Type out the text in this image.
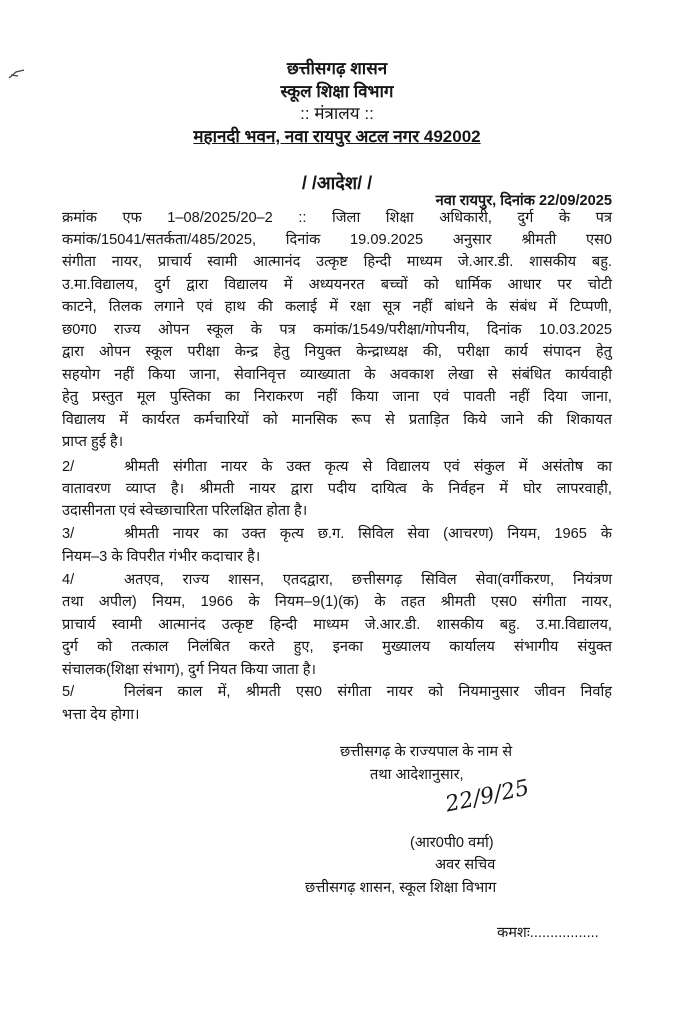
छत्तीसगढ़ शासन
स्कूल शिक्षा विभाग
:: मंत्रालय ::
महानदी भवन, नवा रायपुर अटल नगर 492002
/ /आदेश/ /
नवा रायपुर, दिनांक 22/09/2025
क्रमांक एफ 1–08/2025/20–2 :: जिला शिक्षा अधिकारी, दुर्ग के पत्र
कमांक/15041/सतर्कता/485/2025, दिनांक 19.09.2025 अनुसार श्रीमती एस0
संगीता नायर, प्राचार्य स्वामी आत्मानंद उत्कृष्ट हिन्दी माध्यम जे.आर.डी. शासकीय बहु.
उ.मा.विद्यालय, दुर्ग द्वारा विद्यालय में अध्ययनरत बच्चों को धार्मिक आधार पर चोटी
काटने, तिलक लगाने एवं हाथ की कलाई में रक्षा सूत्र नहीं बांधने के संबंध में टिप्पणी,
छ0ग0 राज्य ओपन स्कूल के पत्र कमांक/1549/परीक्षा/गोपनीय, दिनांक 10.03.2025
द्वारा ओपन स्कूल परीक्षा केन्द्र हेतु नियुक्त केन्द्राध्यक्ष की, परीक्षा कार्य संपादन हेतु
सहयोग नहीं किया जाना, सेवानिवृत्त व्याख्याता के अवकाश लेखा से संबंधित कार्यवाही
हेतु प्रस्तुत मूल पुस्तिका का निराकरण नहीं किया जाना एवं पावती नहीं दिया जाना,
विद्यालय में कार्यरत कर्मचारियों को मानसिक रूप से प्रताड़ित किये जाने की शिकायत
प्राप्त हुई है।
2/	श्रीमती संगीता नायर के उक्त कृत्य से विद्यालय एवं संकुल में असंतोष का
वातावरण व्याप्त है। श्रीमती नायर द्वारा पदीय दायित्व के निर्वहन में घोर लापरवाही,
उदासीनता एवं स्वेच्छाचारिता परिलक्षित होता है।
3/	श्रीमती नायर का उक्त कृत्य छ.ग. सिविल सेवा (आचरण) नियम, 1965 के
नियम–3 के विपरीत गंभीर कदाचार है।
4/	अतएव, राज्य शासन, एतदद्वारा, छत्तीसगढ़ सिविल सेवा(वर्गीकरण, नियंत्रण
तथा अपील) नियम, 1966 के नियम–9(1)(क) के तहत श्रीमती एस0 संगीता नायर,
प्राचार्य स्वामी आत्मानंद उत्कृष्ट हिन्दी माध्यम जे.आर.डी. शासकीय बहु. उ.मा.विद्यालय,
दुर्ग को तत्काल निलंबित करते हुए, इनका मुख्यालय कार्यालय संभागीय संयुक्त
संचालक(शिक्षा संभाग), दुर्ग नियत किया जाता है।
5/	निलंबन काल में, श्रीमती एस0 संगीता नायर को नियमानुसार जीवन निर्वाह
भत्ता देय होगा।
छत्तीसगढ़ के राज्यपाल के नाम से
तथा आदेशानुसार,
22/9/25
(आर0पी0 वर्मा)
अवर सचिव
छत्तीसगढ़ शासन, स्कूल शिक्षा विभाग
कमशः.................
